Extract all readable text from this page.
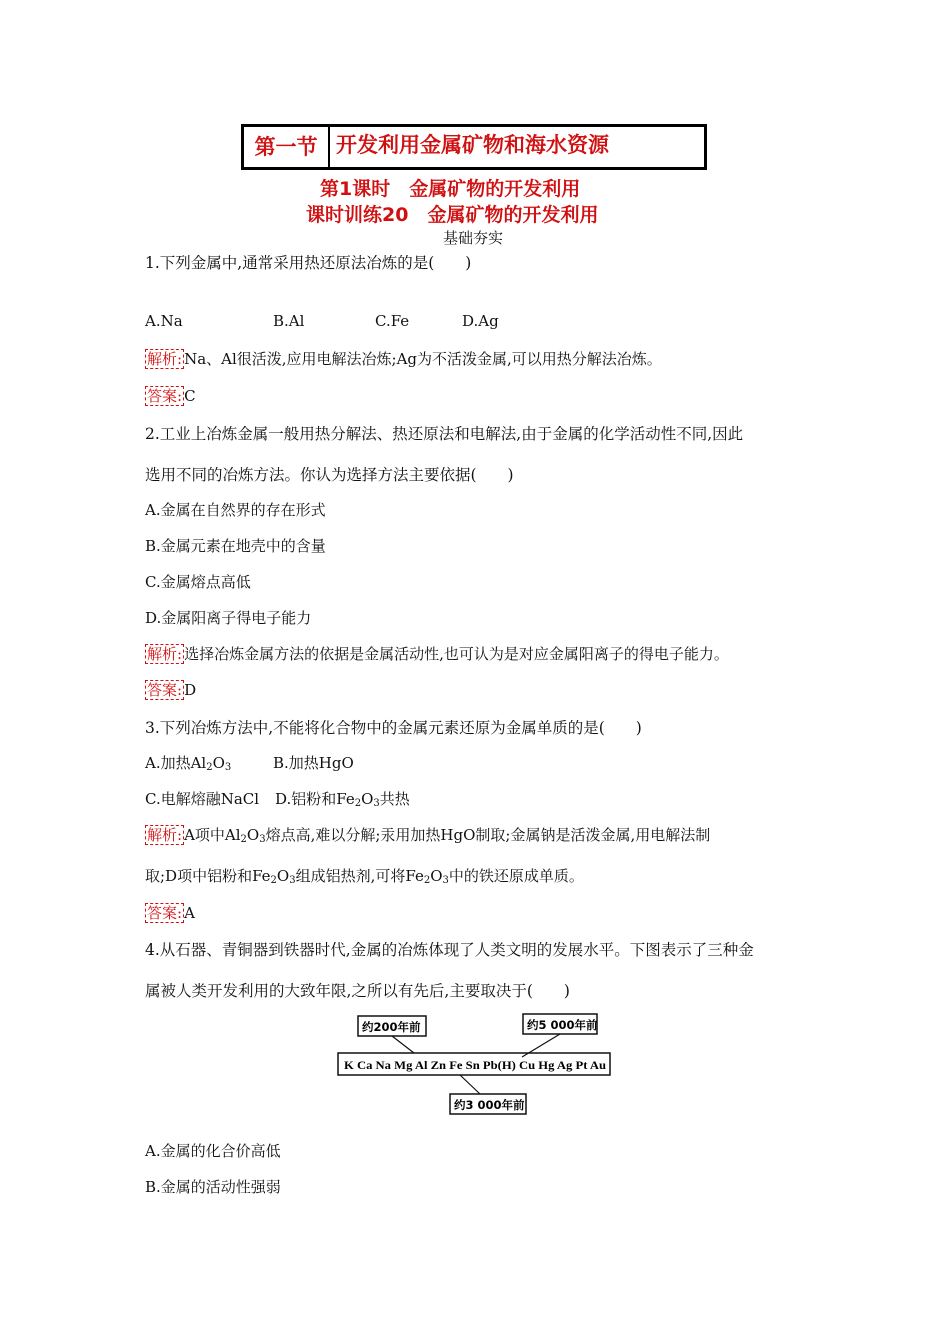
第一节 开发利用金属矿物和海水资源
第1课时　金属矿物的开发利用
课时训练20　金属矿物的开发利用
基础夯实
1.下列金属中,通常采用热还原法冶炼的是(　　)
A.Na	B.Al	C.Fe	D.Ag
解析: Na、Al很活泼,应用电解法冶炼;Ag为不活泼金属,可以用热分解法冶炼。
答案: C
2.工业上冶炼金属一般用热分解法、热还原法和电解法,由于金属的化学活动性不同,因此
选用不同的冶炼方法。你认为选择方法主要依据(　　)
A.金属在自然界的存在形式
B.金属元素在地壳中的含量
C.金属熔点高低
D.金属阳离子得电子能力
解析: 选择冶炼金属方法的依据是金属活动性,也可认为是对应金属阳离子的得电子能力。
答案: D
3.下列冶炼方法中,不能将化合物中的金属元素还原为金属单质的是(　　)
A.加热$Al_2O_3$	B.加热HgO
C.电解熔融NaCl D.铝粉和$Fe_2O_3$共热
解析: A项中$Al_2O_3$熔点高,难以分解;汞用加热HgO制取;金属钠是活泼金属,用电解法制
取;D项中铝粉和$Fe_2O_3$组成铝热剂,可将$Fe_2O_3$中的铁还原成单质。
答案: A
4.从石器、青铜器到铁器时代,金属的冶炼体现了人类文明的发展水平。下图表示了三种金
属被人类开发利用的大致年限,之所以有先后,主要取决于(　　)
约200年前	约5 000年前
约3 000年前
K Ca Na Mg Al Zn Fe Sn Pb(H) Cu Hg Ag Pt Au
A.金属的化合价高低
B.金属的活动性强弱
